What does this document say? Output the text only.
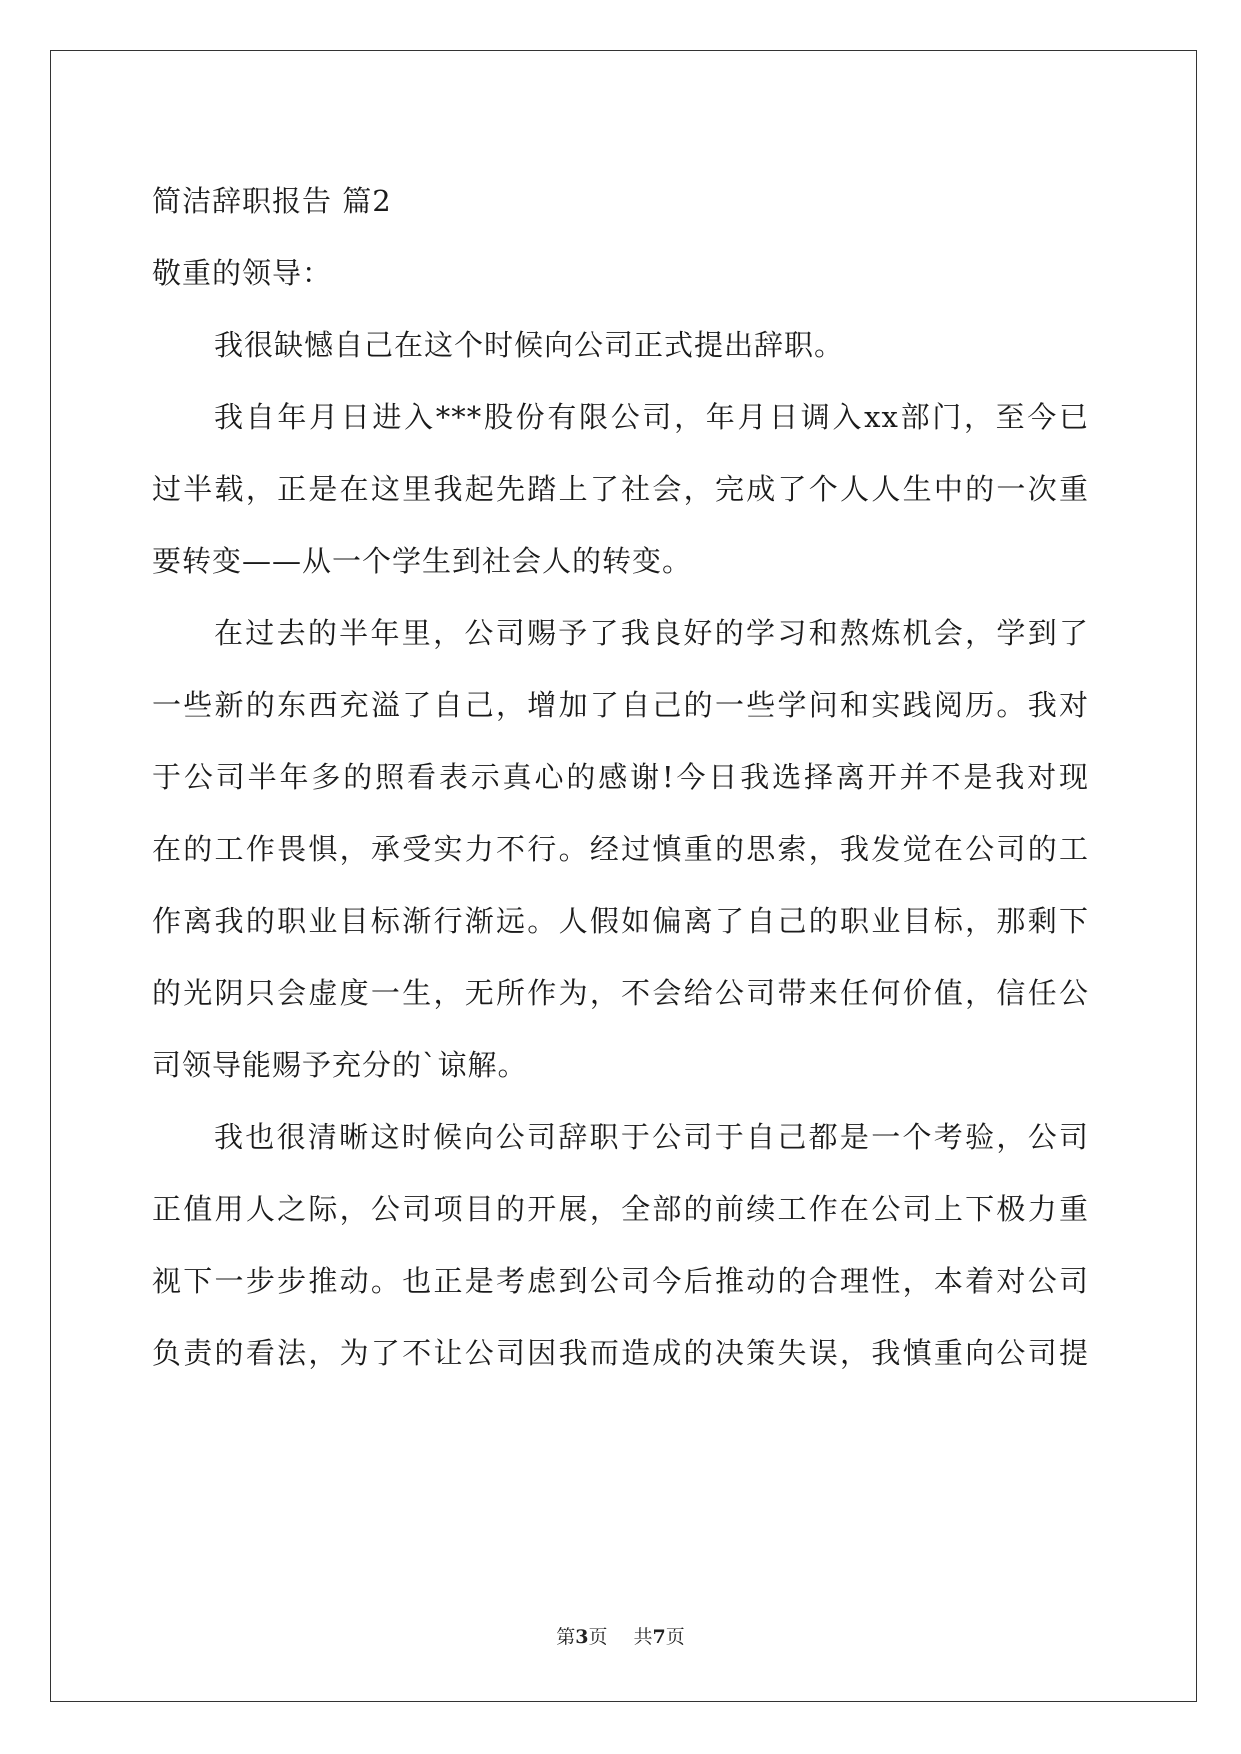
简洁辞职报告 篇2
敬重的领导：
我很缺憾自己在这个时候向公司正式提出辞职。
我自年月日进入***股份有限公司，年月日调入xx部门，至今已
过半载，正是在这里我起先踏上了社会，完成了个人人生中的一次重
要转变——从一个学生到社会人的转变。
在过去的半年里，公司赐予了我良好的学习和熬炼机会，学到了
一些新的东西充溢了自己，增加了自己的一些学问和实践阅历。我对
于公司半年多的照看表示真心的感谢!今日我选择离开并不是我对现
在的工作畏惧，承受实力不行。经过慎重的思索，我发觉在公司的工
作离我的职业目标渐行渐远。人假如偏离了自己的职业目标，那剩下
的光阴只会虚度一生，无所作为，不会给公司带来任何价值，信任公
司领导能赐予充分的`谅解。
我也很清晰这时候向公司辞职于公司于自己都是一个考验，公司
正值用人之际，公司项目的开展，全部的前续工作在公司上下极力重
视下一步步推动。也正是考虑到公司今后推动的合理性，本着对公司
负责的看法，为了不让公司因我而造成的决策失误，我慎重向公司提
第3页 共7页
